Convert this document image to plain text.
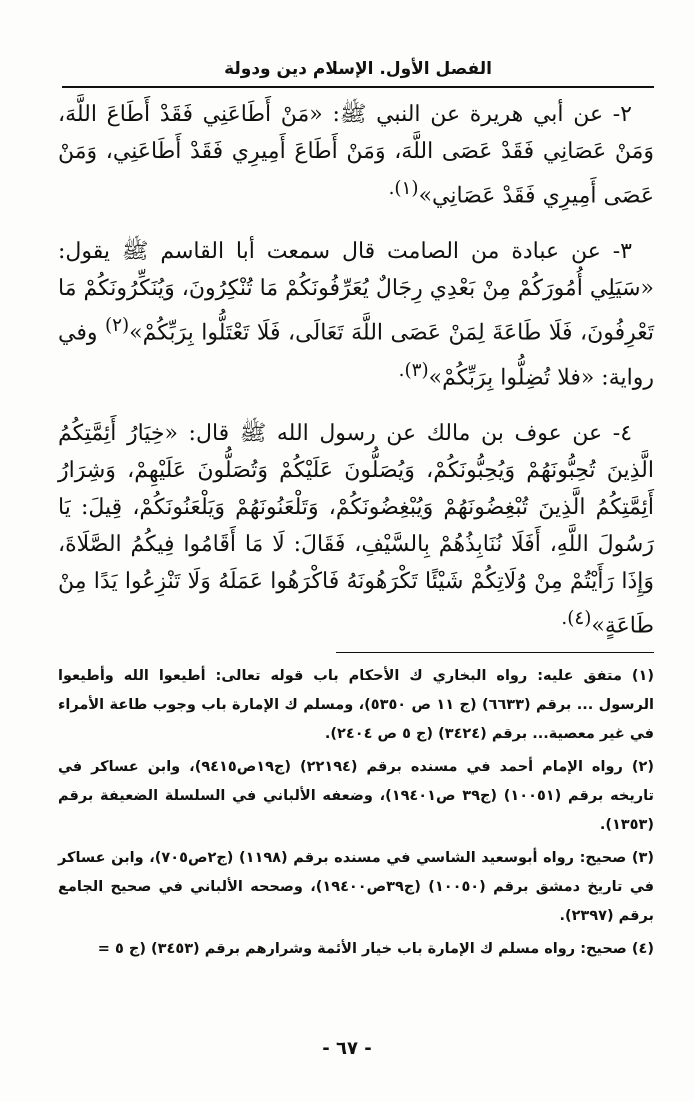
الفصل الأول. الإسلام دين ودولة

٢- عن أبي هريرة عن النبي ﷺ: «مَنْ أَطَاعَنِي فَقَدْ أَطَاعَ اللَّهَ، وَمَنْ عَصَانِي فَقَدْ عَصَى اللَّهَ، وَمَنْ أَطَاعَ أَمِيرِي فَقَدْ أَطَاعَنِي، وَمَنْ عَصَى أَمِيرِي فَقَدْ عَصَانِي»$^{(١).}$

٣- عن عبادة من الصامت قال سمعت أبا القاسم ﷺ يقول: «سَيَلِي أُمُورَكُمْ مِنْ بَعْدِي رِجَالٌ يُعَرِّفُونَكُمْ مَا تُنْكِرُونَ، وَيُنَكِّرُونَكُمْ مَا تَعْرِفُونَ، فَلَا طَاعَةَ لِمَنْ عَصَى اللَّهَ تَعَالَى، فَلَا تَعْتَلُّوا بِرَبِّكُمْ»$^{(٢)}$ وفي رواية: «فلا تُضِلُّوا بِرَبِّكُمْ»$^{(٣).}$

٤- عن عوف بن مالك عن رسول الله ﷺ قال: «خِيَارُ أَئِمَّتِكُمُ الَّذِينَ تُحِبُّونَهُمْ وَيُحِبُّونَكُمْ، وَيُصَلُّونَ عَلَيْكُمْ وَتُصَلُّونَ عَلَيْهِمْ، وَشِرَارُ أَئِمَّتِكُمُ الَّذِينَ تُبْغِضُونَهُمْ وَيُبْغِضُونَكُمْ، وَتَلْعَنُونَهُمْ وَيَلْعَنُونَكُمْ، قِيلَ: يَا رَسُولَ اللَّهِ، أَفَلَا نُنَابِذُهُمْ بِالسَّيْفِ، فَقَالَ: لَا مَا أَقَامُوا فِيكُمُ الصَّلَاةَ، وَإِذَا رَأَيْتُمْ مِنْ وُلَاتِكُمْ شَيْئًا تَكْرَهُونَهُ فَاكْرَهُوا عَمَلَهُ وَلَا تَنْزِعُوا يَدًا مِنْ طَاعَةٍ»$^{(٤).}$

(١) متفق عليه: رواه البخاري ك الأحكام باب قوله تعالى: أطيعوا الله وأطيعوا الرسول ... برقم (٦٦٣٣) (ج ١١ ص ٥٣٥٠)، ومسلم ك الإمارة باب وجوب طاعة الأمراء في غير معصية... برقم (٣٤٢٤) (ج ٥ ص ٢٤٠٤).

(٢) رواه الإمام أحمد في مسنده برقم (٢٢١٩٤) (ج١٩ص٩٤١٥)، وابن عساكر في تاريخه برقم (١٠٠٥١) (ج٣٩ ص١٩٤٠١)، وضعفه الألباني في السلسلة الضعيفة برقم (١٣٥٣).

(٣) صحيح: رواه أبوسعيد الشاسي في مسنده برقم (١١٩٨) (ج٢ص٧٠٥)، وابن عساكر في تاريخ دمشق برقم (١٠٠٥٠) (ج٣٩ص١٩٤٠٠)، وصححه الألباني في صحيح الجامع برقم (٢٣٩٧).

(٤) صحيح: رواه مسلم ك الإمارة باب خيار الأئمة وشرارهم برقم (٣٤٥٣) (ج ٥ =

- ٦٧ -
